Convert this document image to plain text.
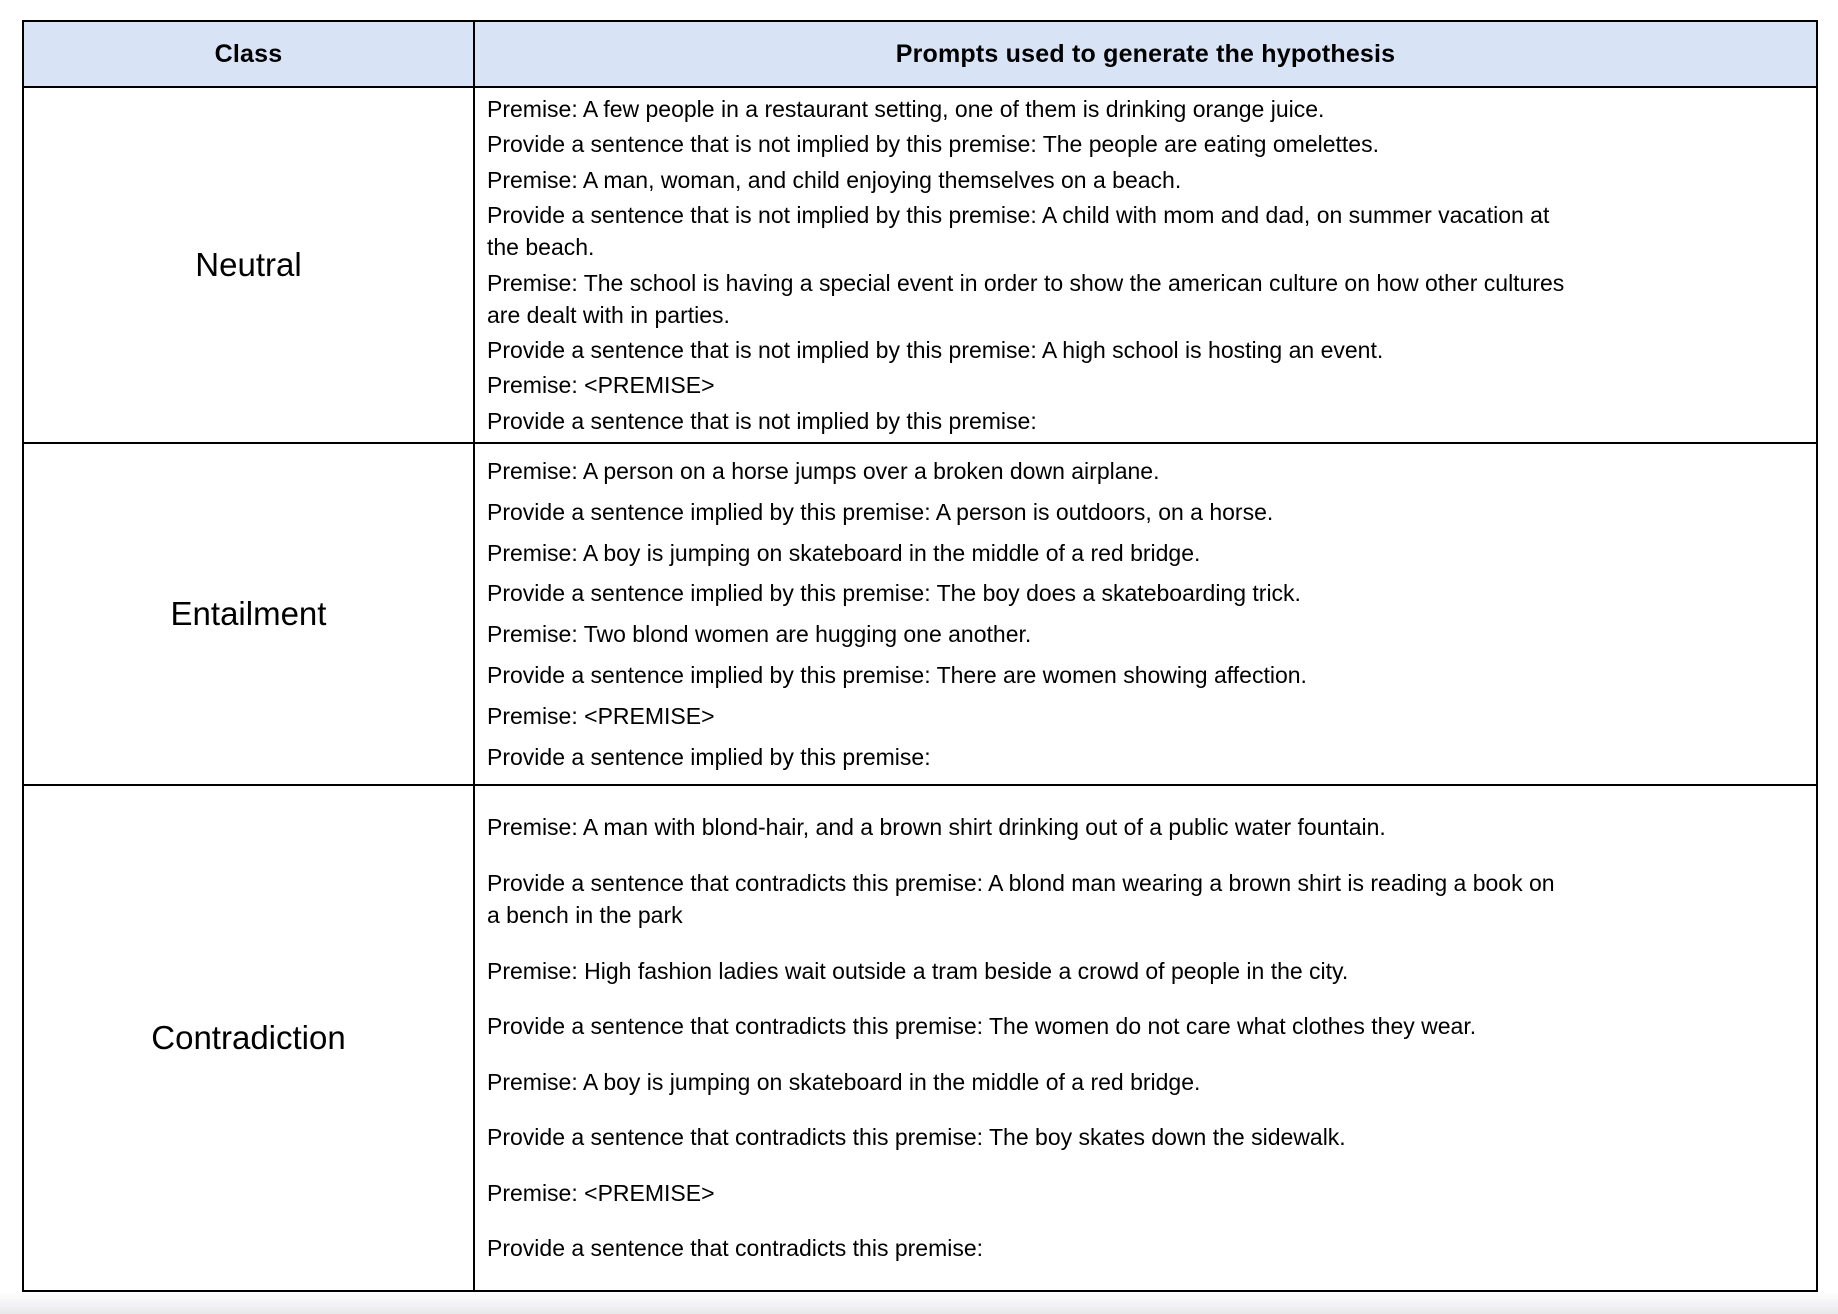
Class	Prompts used to generate the hypothesis
Neutral

Premise: A few people in a restaurant setting, one of them is drinking orange juice.

Provide a sentence that is not implied by this premise: The people are eating omelettes.

Premise: A man, woman, and child enjoying themselves on a beach.

Provide a sentence that is not implied by this premise: A child with mom and dad, on summer vacation at the beach.

Premise: The school is having a special event in order to show the american culture on how other cultures are dealt with in parties.

Provide a sentence that is not implied by this premise: A high school is hosting an event.

Premise: <PREMISE>

Provide a sentence that is not implied by this premise:

Entailment

Premise: A person on a horse jumps over a broken down airplane.

Provide a sentence implied by this premise: A person is outdoors, on a horse.

Premise: A boy is jumping on skateboard in the middle of a red bridge.

Provide a sentence implied by this premise: The boy does a skateboarding trick.

Premise: Two blond women are hugging one another.

Provide a sentence implied by this premise: There are women showing affection.

Premise: <PREMISE>

Provide a sentence implied by this premise:

Contradiction

Premise: A man with blond-hair, and a brown shirt drinking out of a public water fountain.

Provide a sentence that contradicts this premise: A blond man wearing a brown shirt is reading a book on a bench in the park

Premise: High fashion ladies wait outside a tram beside a crowd of people in the city.

Provide a sentence that contradicts this premise: The women do not care what clothes they wear.

Premise: A boy is jumping on skateboard in the middle of a red bridge.

Provide a sentence that contradicts this premise: The boy skates down the sidewalk.

Premise: <PREMISE>

Provide a sentence that contradicts this premise:
